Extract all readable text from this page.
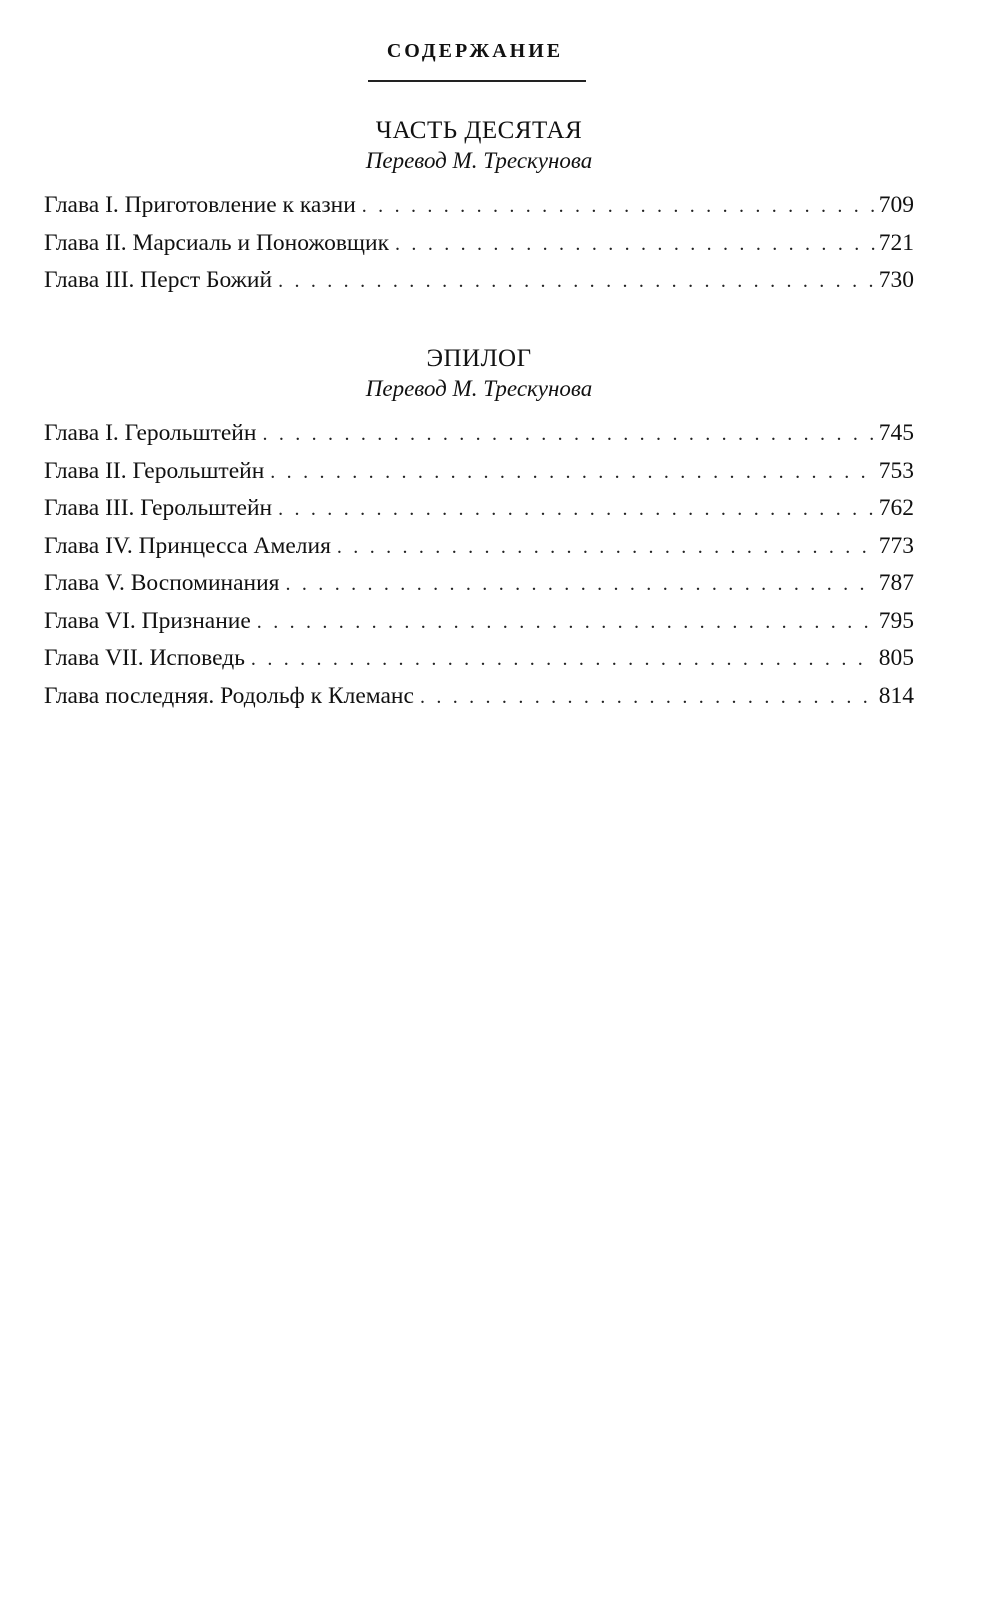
СОДЕРЖАНИЕ
ЧАСТЬ ДЕСЯТАЯ
Перевод М. Трескунова
Глава I. Приготовление к казни . . .	709
Глава II. Марсиаль и Поножовщик . . .	721
Глава III. Перст Божий . . .	730
ЭПИЛОГ
Перевод М. Трескунова
Глава I. Герольштейн . . .	745
Глава II. Герольштейн . . .	753
Глава III. Герольштейн . . .	762
Глава IV. Принцесса Амелия . . .	773
Глава V. Воспоминания . . .	787
Глава VI. Признание . . .	795
Глава VII. Исповедь . . .	805
Глава последняя. Родольф к Клеманс . . .	814
